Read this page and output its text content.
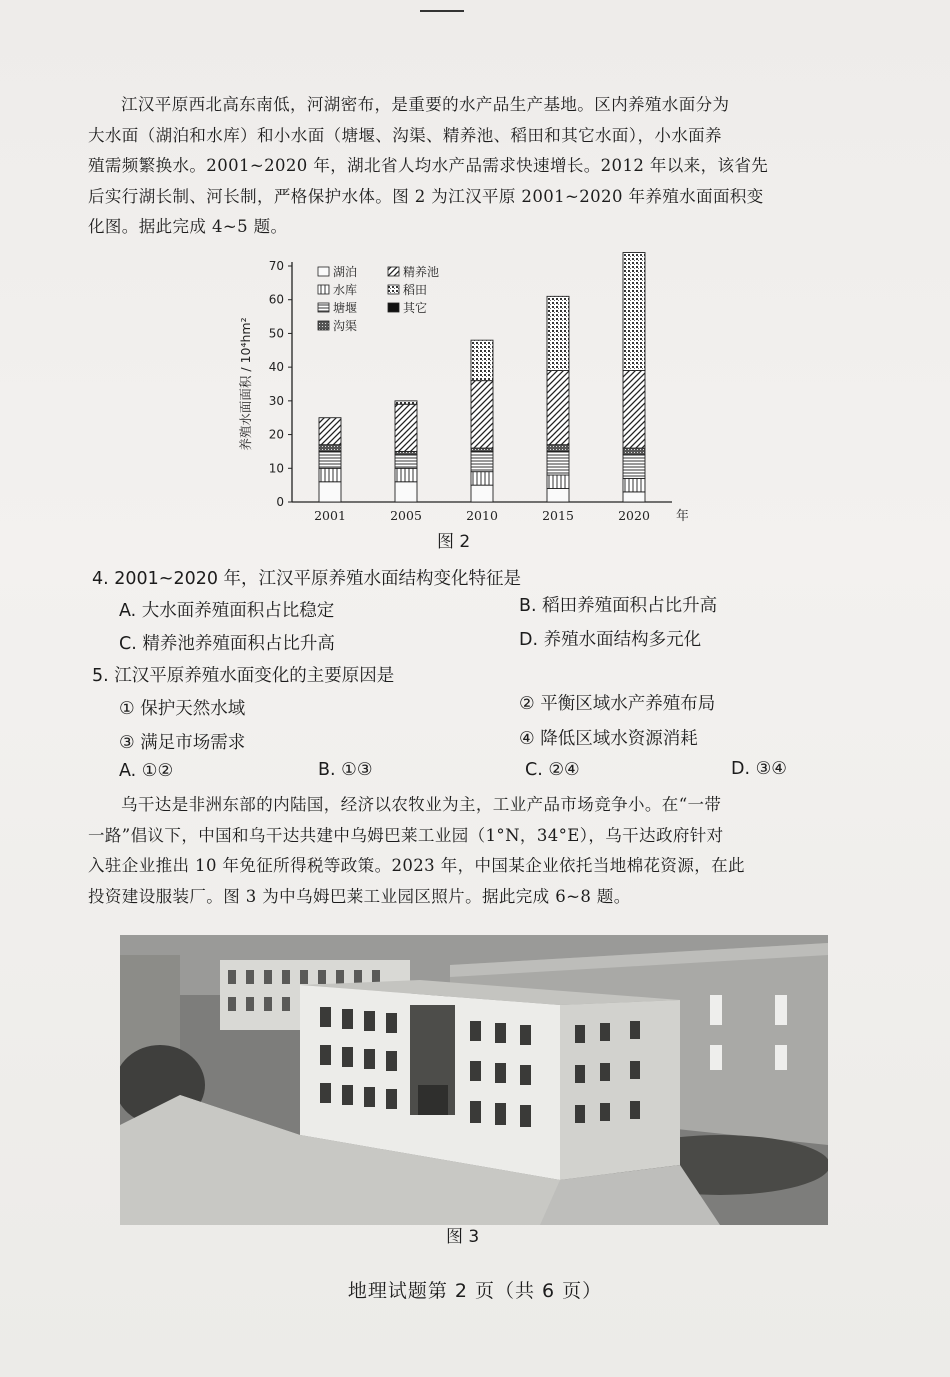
江汉平原西北高东南低，河湖密布，是重要的水产品生产基地。区内养殖水面分为
大水面（湖泊和水库）和小水面（塘堰、沟渠、精养池、稻田和其它水面），小水面养
殖需频繁换水。2001~2020 年，湖北省人均水产品需求快速增长。2012 年以来，该省先
后实行湖长制、河长制，严格保护水体。图 2 为江汉平原 2001~2020 年养殖水面面积变
化图。据此完成 4~5 题。
0
10
20
30
40
50
60
70
养殖水面面积 / 10⁴hm²
2001	2005	2010	2015	2020 年
湖泊	精养池
水库	稻田
塘堰	其它
沟渠
图 2
4. 2001~2020 年，江汉平原养殖水面结构变化特征是
A. 大水面养殖面积占比稳定	B. 稻田养殖面积占比升高
C. 精养池养殖面积占比升高	D. 养殖水面结构多元化
5. 江汉平原养殖水面变化的主要原因是
① 保护天然水域	② 平衡区域水产养殖布局
③ 满足市场需求	④ 降低区域水资源消耗
A. ①②	B. ①③	C. ②④	D. ③④
乌干达是非洲东部的内陆国，经济以农牧业为主，工业产品市场竞争小。在“一带
一路”倡议下，中国和乌干达共建中乌姆巴莱工业园（1°N，34°E），乌干达政府针对
入驻企业推出 10 年免征所得税等政策。2023 年，中国某企业依托当地棉花资源，在此
投资建设服装厂。图 3 为中乌姆巴莱工业园区照片。据此完成 6~8 题。
图 3
地理试题第 2 页（共 6 页）
